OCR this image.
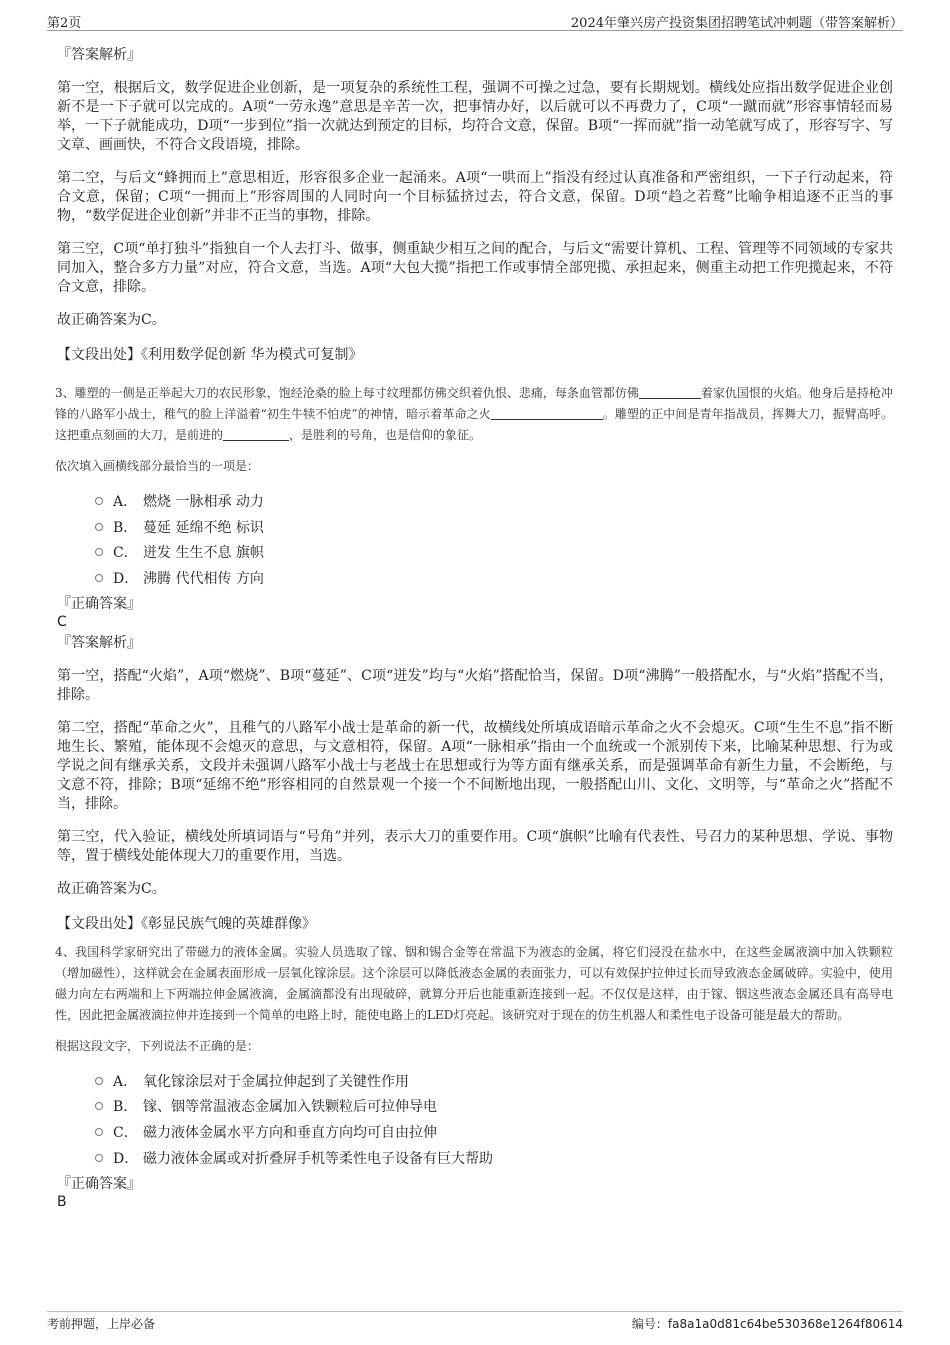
第2页	2024年肇兴房产投资集团招聘笔试冲刺题（带答案解析）
『答案解析』

第一空，根据后文，数学促进企业创新，是一项复杂的系统性工程，强调不可操之过急，要有长期规划。横线处应指出数学促进企业创新不是一下子就可以完成的。A项“一劳永逸”意思是辛苦一次，把事情办好，以后就可以不再费力了，C项“一蹴而就”形容事情轻而易举，一下子就能成功，D项“一步到位”指一次就达到预定的目标，均符合文意，保留。B项“一挥而就”指一动笔就写成了，形容写字、写文章、画画快，不符合文段语境，排除。

第二空，与后文“蜂拥而上”意思相近，形容很多企业一起涌来。A项“一哄而上”指没有经过认真准备和严密组织，一下子行动起来，符合文意，保留；C项“一拥而上”形容周围的人同时向一个目标猛挤过去，符合文意，保留。D项“趋之若鹜”比喻争相追逐不正当的事物，“数学促进企业创新”并非不正当的事物，排除。

第三空，C项“单打独斗”指独自一个人去打斗、做事，侧重缺少相互之间的配合，与后文“需要计算机、工程、管理等不同领域的专家共同加入，整合多方力量”对应，符合文意，当选。A项“大包大揽”指把工作或事情全部兜揽、承担起来，侧重主动把工作兜揽起来，不符合文意，排除。

故正确答案为C。

【文段出处】《利用数学促创新 华为模式可复制》

3、雕塑的一侧是正举起大刀的农民形象，饱经沧桑的脸上每寸纹理都仿佛交织着仇恨、悲痛，每条血管都仿佛	着家仇国恨的火焰。他身后是持枪冲锋的八路军小战士，稚气的脸上洋溢着“初生牛犊不怕虎”的神情，暗示着革命之火	。雕塑的正中间是青年指战员，挥舞大刀，振臂高呼。这把重点刻画的大刀，是前进的	，是胜利的号角，也是信仰的象征。

依次填入画横线部分最恰当的一项是：

A． 燃烧 一脉相承 动力
B． 蔓延 延绵不绝 标识
C． 迸发 生生不息 旗帜
D． 沸腾 代代相传 方向
『正确答案』
C
『答案解析』

第一空，搭配“火焰”，A项“燃烧”、B项“蔓延”、C项“迸发”均与“火焰”搭配恰当，保留。D项“沸腾”一般搭配水，与“火焰”搭配不当，排除。

第二空，搭配“革命之火”，且稚气的八路军小战士是革命的新一代，故横线处所填成语暗示革命之火不会熄灭。C项“生生不息”指不断地生长、繁殖，能体现不会熄灭的意思，与文意相符，保留。A项“一脉相承”指由一个血统或一个派别传下来，比喻某种思想、行为或学说之间有继承关系，文段并未强调八路军小战士与老战士在思想或行为等方面有继承关系，而是强调革命有新生力量，不会断绝，与文意不符，排除；B项“延绵不绝”形容相同的自然景观一个接一个不间断地出现，一般搭配山川、文化、文明等，与“革命之火”搭配不当，排除。

第三空，代入验证，横线处所填词语与“号角”并列，表示大刀的重要作用。C项“旗帜”比喻有代表性、号召力的某种思想、学说、事物等，置于横线处能体现大刀的重要作用，当选。

故正确答案为C。

【文段出处】《彰显民族气魄的英雄群像》

4、我国科学家研究出了带磁力的液体金属。实验人员选取了镓、铟和锡合金等在常温下为液态的金属，将它们浸没在盐水中，在这些金属液滴中加入铁颗粒（增加磁性），这样就会在金属表面形成一层氧化镓涂层。这个涂层可以降低液态金属的表面张力，可以有效保护拉伸过长而导致液态金属破碎。实验中，使用磁力向左右两端和上下两端拉伸金属液滴，金属滴都没有出现破碎，就算分开后也能重新连接到一起。不仅仅是这样，由于镓、铟这些液态金属还具有高导电性，因此把金属液滴拉伸并连接到一个简单的电路上时，能使电路上的LED灯亮起。该研究对于现在的仿生机器人和柔性电子设备可能是最大的帮助。

根据这段文字，下列说法不正确的是：

A． 氧化镓涂层对于金属拉伸起到了关键性作用
B． 镓、铟等常温液态金属加入铁颗粒后可拉伸导电
C． 磁力液体金属水平方向和垂直方向均可自由拉伸
D． 磁力液体金属或对折叠屏手机等柔性电子设备有巨大帮助
『正确答案』
B
考前押题，上岸必备	编号：fa8a1a0d81c64be530368e1264f80614
